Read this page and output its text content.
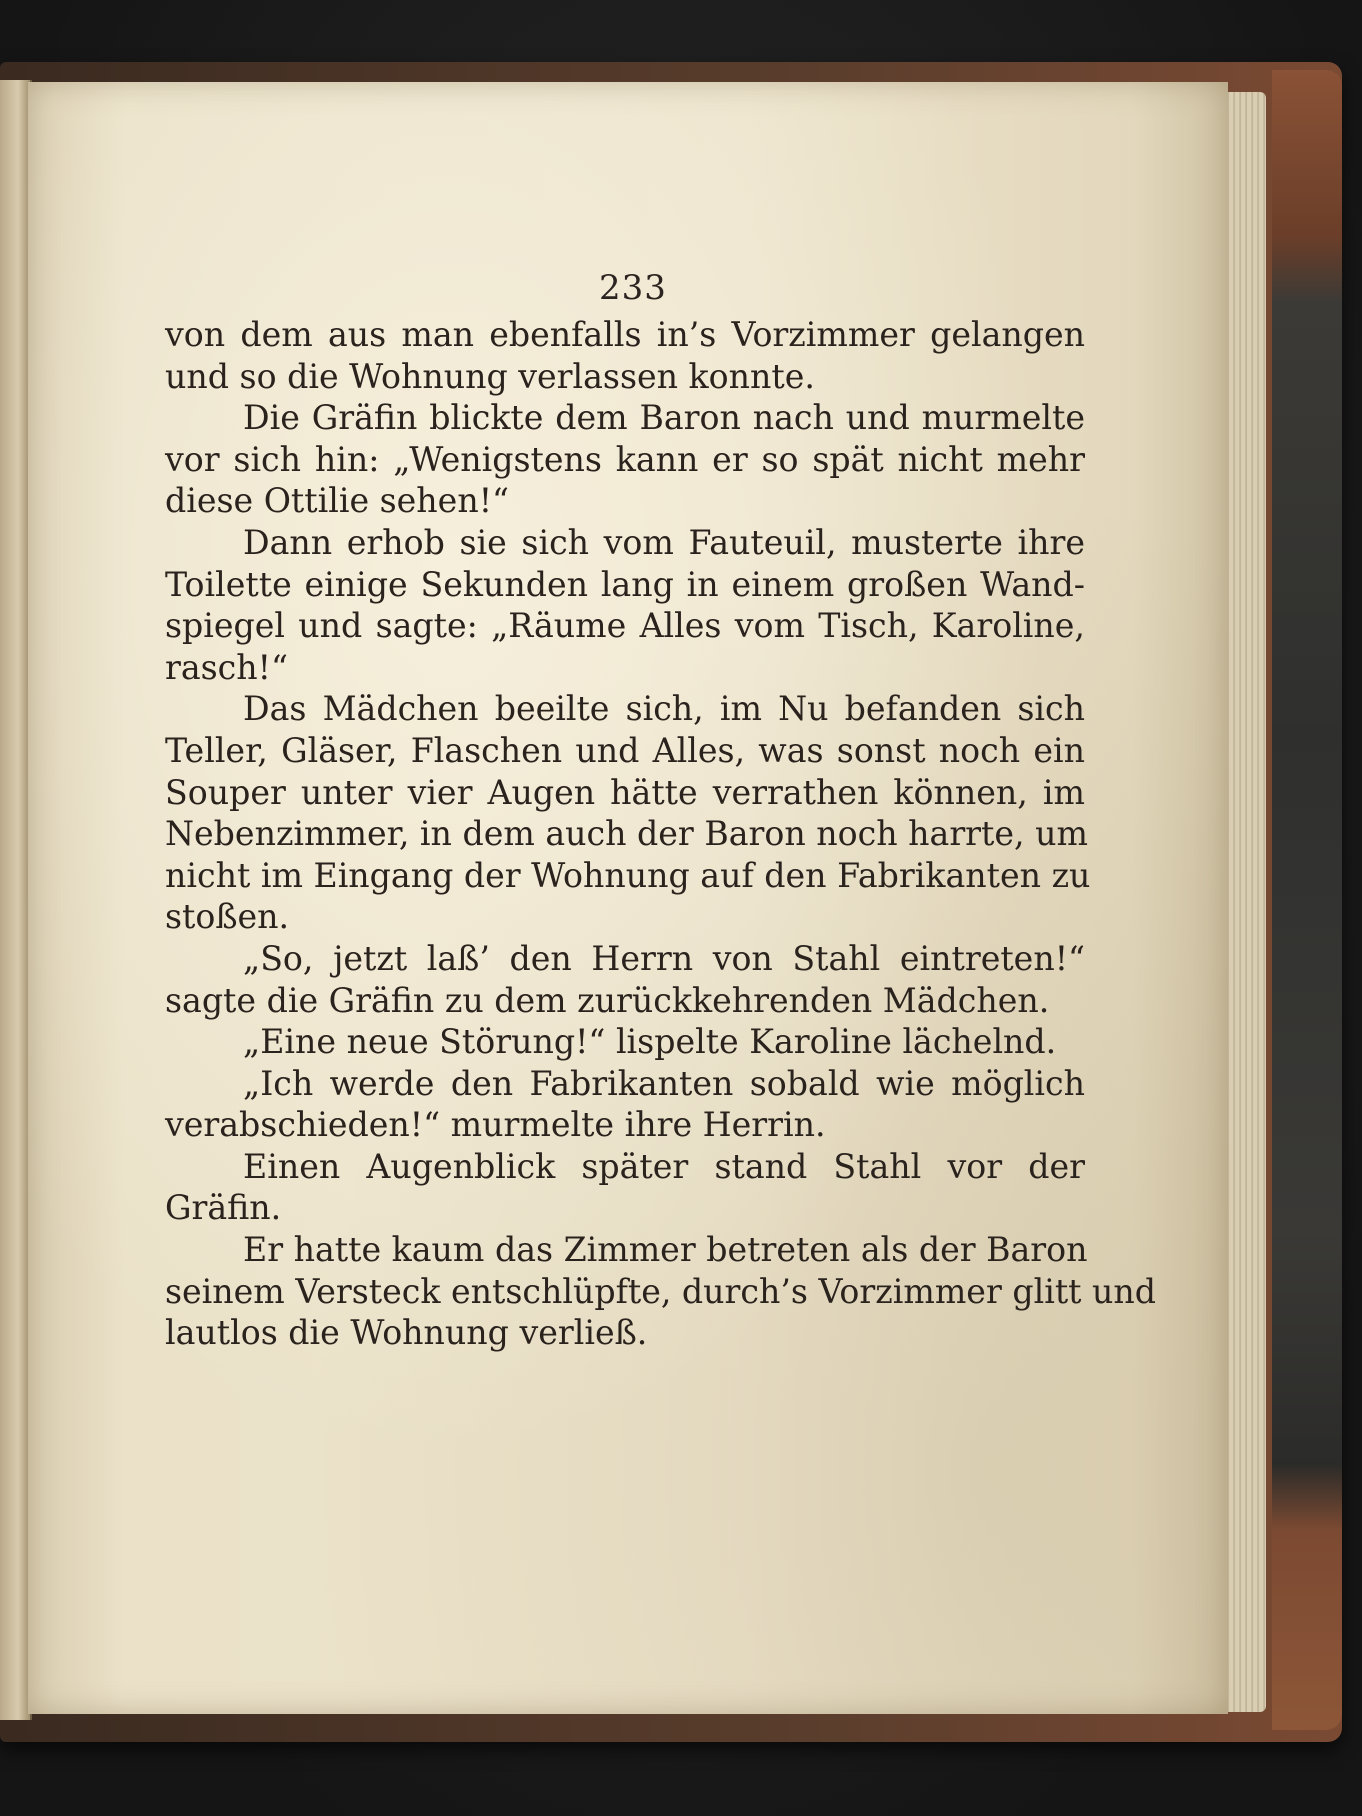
233
von dem aus man ebenfalls in’s Vorzimmer gelangen
und so die Wohnung verlassen konnte.
Die Gräfin blickte dem Baron nach und murmelte
vor sich hin: „Wenigstens kann er so spät nicht mehr
diese Ottilie sehen!“
Dann erhob sie sich vom Fauteuil, musterte ihre
Toilette einige Sekunden lang in einem großen Wand-
spiegel und sagte: „Räume Alles vom Tisch, Karoline,
rasch!“
Das Mädchen beeilte sich, im Nu befanden sich
Teller, Gläser, Flaschen und Alles, was sonst noch ein
Souper unter vier Augen hätte verrathen können, im
Nebenzimmer, in dem auch der Baron noch harrte, um
nicht im Eingang der Wohnung auf den Fabrikanten zu
stoßen.
„So, jetzt laß’ den Herrn von Stahl eintreten!“
sagte die Gräfin zu dem zurückkehrenden Mädchen.
„Eine neue Störung!“ lispelte Karoline lächelnd.
„Ich werde den Fabrikanten sobald wie möglich
verabschieden!“ murmelte ihre Herrin.
Einen Augenblick später stand Stahl vor der
Gräfin.
Er hatte kaum das Zimmer betreten als der Baron
seinem Versteck entschlüpfte, durch’s Vorzimmer glitt und
lautlos die Wohnung verließ.
